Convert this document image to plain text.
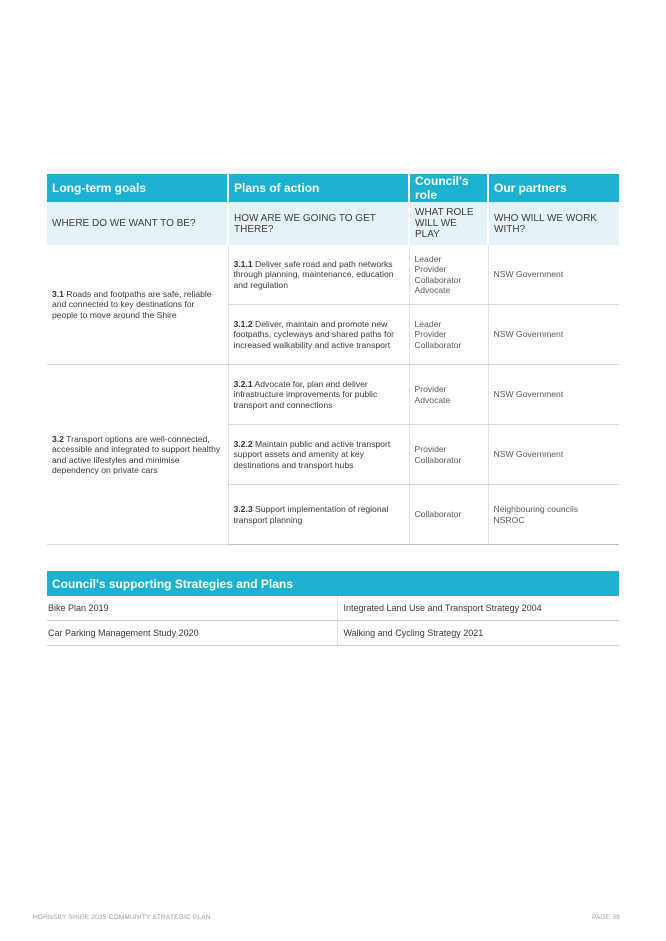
Long-term goals	Plans of action	Council's role	Our partners
WHERE DO WE WANT TO BE?	HOW ARE WE GOING TO GET THERE?	WHAT ROLE WILL WE PLAY	WHO WILL WE WORK WITH?
3.1 Roads and footpaths are safe, reliable and connected to key destinations for people to move around the Shire	3.1.1 Deliver safe road and path networks through planning, maintenance, education and regulation	Leader
Provider
Collaborator
Advocate	NSW Government

	3.1.2 Deliver, maintain and promote new footpaths, cycleways and shared paths for increased walkability and active transport	Leader
Provider
Collaborator	NSW Government

3.2 Transport options are well-connected, accessible and integrated to support healthy and active lifestyles and minimise dependency on private cars	3.2.1 Advocate for, plan and deliver infrastructure improvements for public transport and connections	Provider
Advocate	NSW Government

	3.2.2 Maintain public and active transport support assets and amenity at key destinations and transport hubs	Provider
Collaborator	NSW Government

	3.2.3 Support implementation of regional transport planning	Collaborator	Neighbouring councils
NSROC
Council's supporting Strategies and Plans	
Bike Plan 2019	Integrated Land Use and Transport Strategy 2004
Car Parking Management Study 2020	Walking and Cycling Strategy 2021
HORNSBY SHIRE 2035 COMMUNITY STRATEGIC PLAN	PAGE 39
